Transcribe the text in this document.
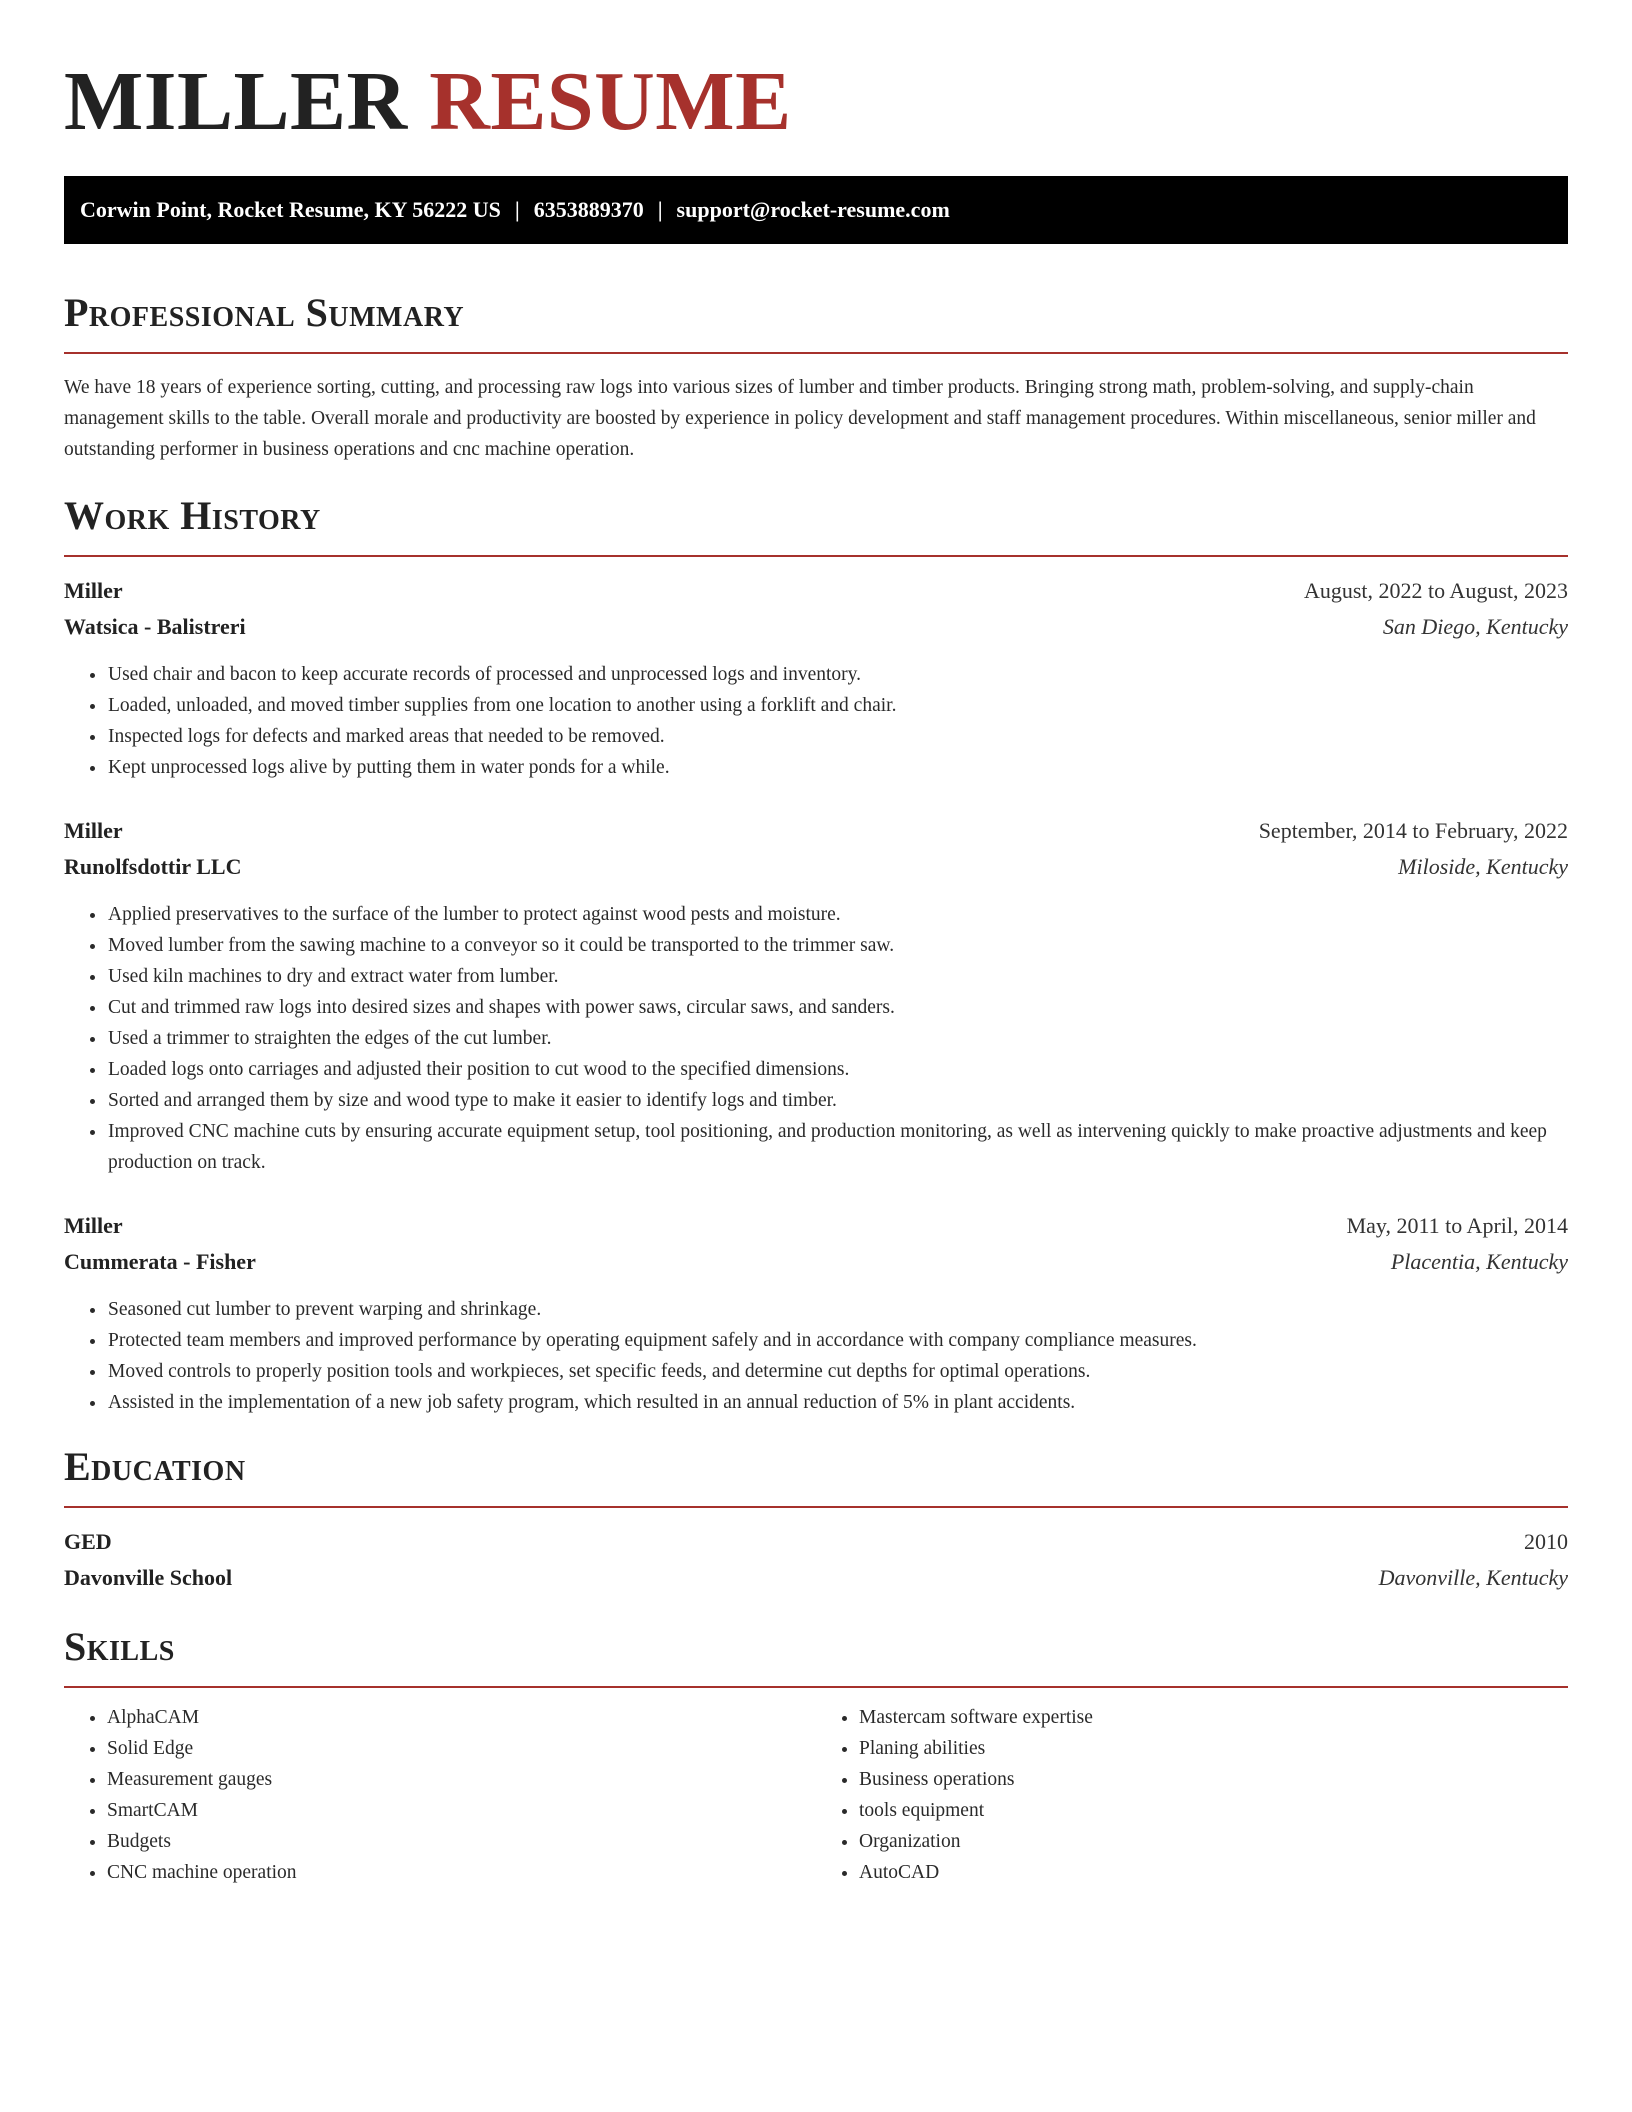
MILLER RESUME
Corwin Point, Rocket Resume, KY 56222 US | 6353889370 | support@rocket-resume.com
Professional Summary

We have 18 years of experience sorting, cutting, and processing raw logs into various sizes of lumber and timber products. Bringing strong math, problem-solving, and supply-chain management skills to the table. Overall morale and productivity are boosted by experience in policy development and staff management procedures. Within miscellaneous, senior miller and outstanding performer in business operations and cnc machine operation.

Work History
Miller	August, 2022 to August, 2023
Watsica - Balistreri	San Diego, Kentucky
• Used chair and bacon to keep accurate records of processed and unprocessed logs and inventory.
• Loaded, unloaded, and moved timber supplies from one location to another using a forklift and chair.
• Inspected logs for defects and marked areas that needed to be removed.
• Kept unprocessed logs alive by putting them in water ponds for a while.
Miller	September, 2014 to February, 2022
Runolfsdottir LLC	Miloside, Kentucky
• Applied preservatives to the surface of the lumber to protect against wood pests and moisture.
• Moved lumber from the sawing machine to a conveyor so it could be transported to the trimmer saw.
• Used kiln machines to dry and extract water from lumber.
• Cut and trimmed raw logs into desired sizes and shapes with power saws, circular saws, and sanders.
• Used a trimmer to straighten the edges of the cut lumber.
• Loaded logs onto carriages and adjusted their position to cut wood to the specified dimensions.
• Sorted and arranged them by size and wood type to make it easier to identify logs and timber.
• Improved CNC machine cuts by ensuring accurate equipment setup, tool positioning, and production monitoring, as well as intervening quickly to make proactive adjustments and keep production on track.
Miller	May, 2011 to April, 2014
Cummerata - Fisher	Placentia, Kentucky
• Seasoned cut lumber to prevent warping and shrinkage.
• Protected team members and improved performance by operating equipment safely and in accordance with company compliance measures.
• Moved controls to properly position tools and workpieces, set specific feeds, and determine cut depths for optimal operations.
• Assisted in the implementation of a new job safety program, which resulted in an annual reduction of 5% in plant accidents.
Education
GED	2010
Davonville School	Davonville, Kentucky
Skills
• AlphaCAM
• Solid Edge
• Measurement gauges
• SmartCAM
• Budgets
• CNC machine operation
• Mastercam software expertise
• Planing abilities
• Business operations
• tools equipment
• Organization
• AutoCAD
